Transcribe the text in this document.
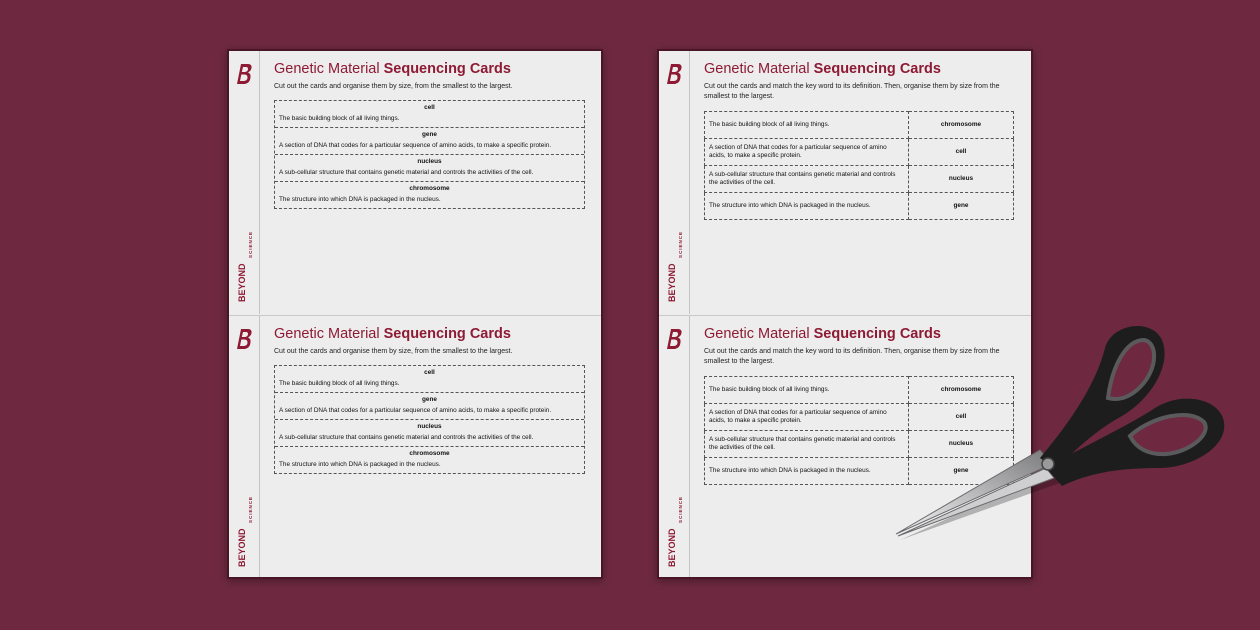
BEYOND
SCIENCE
Genetic Material Sequencing Cards
Cut out the cards and organise them by size, from the smallest to the largest.
cell
The basic building block of all living things.
gene
A section of DNA that codes for a particular sequence of amino acids, to make a specific protein.
nucleus
A sub-cellular structure that contains genetic material and controls the activities of the cell.
chromosome
The structure into which DNA is packaged in the nucleus.
BEYOND
SCIENCE
Genetic Material Sequencing Cards
Cut out the cards and organise them by size, from the smallest to the largest.
cell
The basic building block of all living things.
gene
A section of DNA that codes for a particular sequence of amino acids, to make a specific protein.
nucleus
A sub-cellular structure that contains genetic material and controls the activities of the cell.
chromosome
The structure into which DNA is packaged in the nucleus.
BEYOND
SCIENCE
Genetic Material Sequencing Cards
Cut out the cards and match the key word to its definition. Then, organise them by size from the smallest to the largest.
The basic building block of all living things.	chromosome
A section of DNA that codes for a particular sequence of amino acids, to make a specific protein.	cell
A sub-cellular structure that contains genetic material and controls the activities of the cell.	nucleus
The structure into which DNA is packaged in the nucleus.	gene
BEYOND
SCIENCE
Genetic Material Sequencing Cards
Cut out the cards and match the key word to its definition. Then, organise them by size from the smallest to the largest.
The basic building block of all living things.	chromosome
A section of DNA that codes for a particular sequence of amino acids, to make a specific protein.	cell
A sub-cellular structure that contains genetic material and controls the activities of the cell.	nucleus
The structure into which DNA is packaged in the nucleus.	gene
